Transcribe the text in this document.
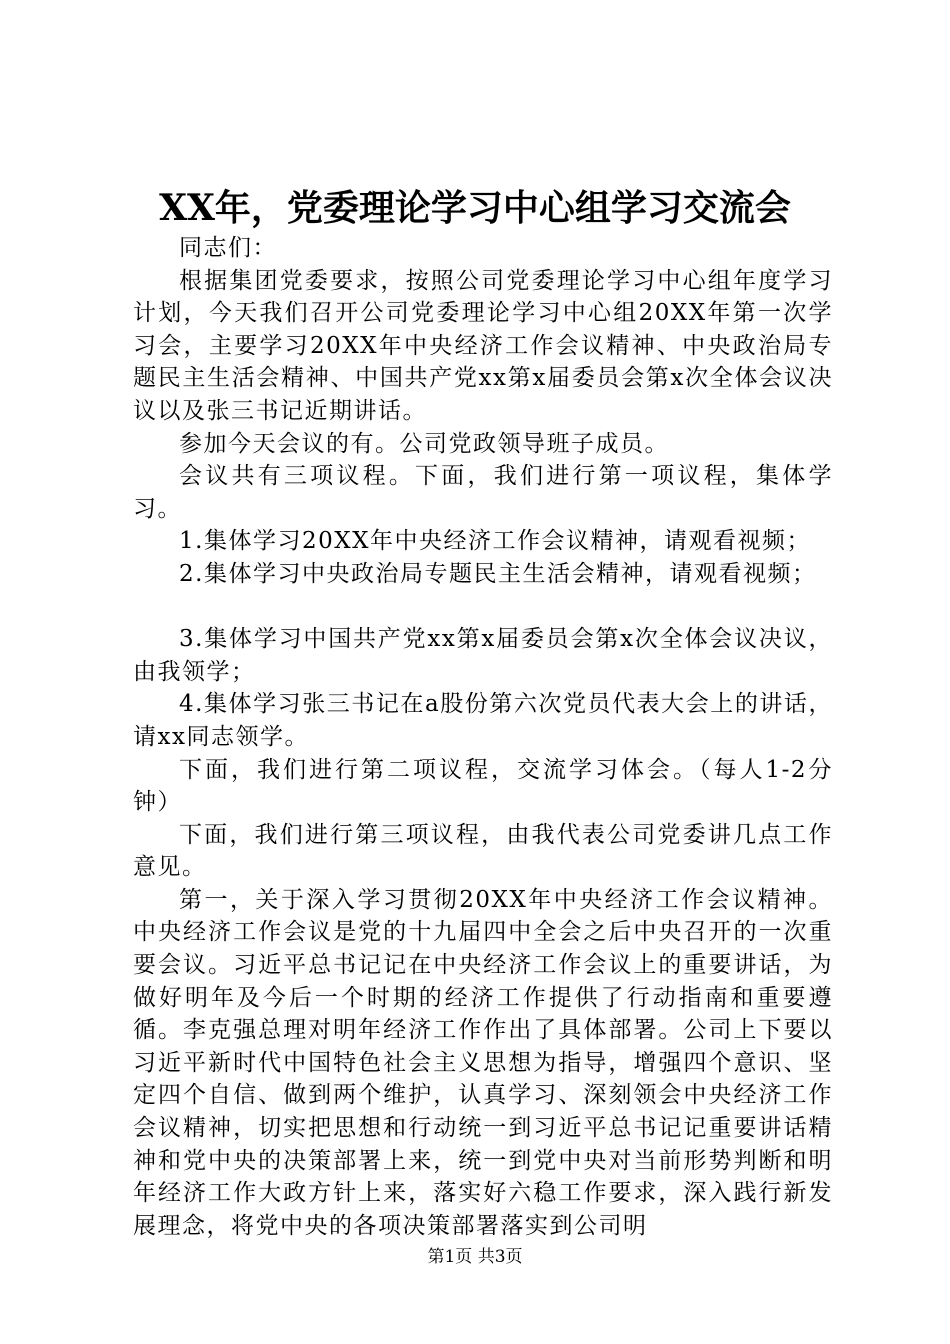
XX年，党委理论学习中心组学习交流会

同志们：

根据集团党委要求，按照公司党委理论学习中心组年度学习计划，今天我们召开公司党委理论学习中心组20XX年第一次学习会，主要学习20XX年中央经济工作会议精神、中央政治局专题民主生活会精神、中国共产党xx第x届委员会第x次全体会议决议以及张三书记近期讲话。

参加今天会议的有。公司党政领导班子成员。

会议共有三项议程。下面，我们进行第一项议程，集体学习。

1.集体学习20XX年中央经济工作会议精神，请观看视频；

2.集体学习中央政治局专题民主生活会精神，请观看视频；

3.集体学习中国共产党xx第x届委员会第x次全体会议决议，由我领学；

4.集体学习张三书记在a股份第六次党员代表大会上的讲话，请xx同志领学。

下面，我们进行第二项议程，交流学习体会。（每人1-2分钟）

下面，我们进行第三项议程，由我代表公司党委讲几点工作意见。

第一，关于深入学习贯彻20XX年中央经济工作会议精神。中央经济工作会议是党的十九届四中全会之后中央召开的一次重要会议。习近平总书记记在中央经济工作会议上的重要讲话，为做好明年及今后一个时期的经济工作提供了行动指南和重要遵循。李克强总理对明年经济工作作出了具体部署。公司上下要以习近平新时代中国特色社会主义思想为指导，增强四个意识、坚定四个自信、做到两个维护，认真学习、深刻领会中央经济工作会议精神，切实把思想和行动统一到习近平总书记记重要讲话精神和党中央的决策部署上来，统一到党中央对当前形势判断和明年经济工作大政方针上来，落实好六稳工作要求，深入践行新发展理念，将党中央的各项决策部署落实到公司明

第1页 共3页
